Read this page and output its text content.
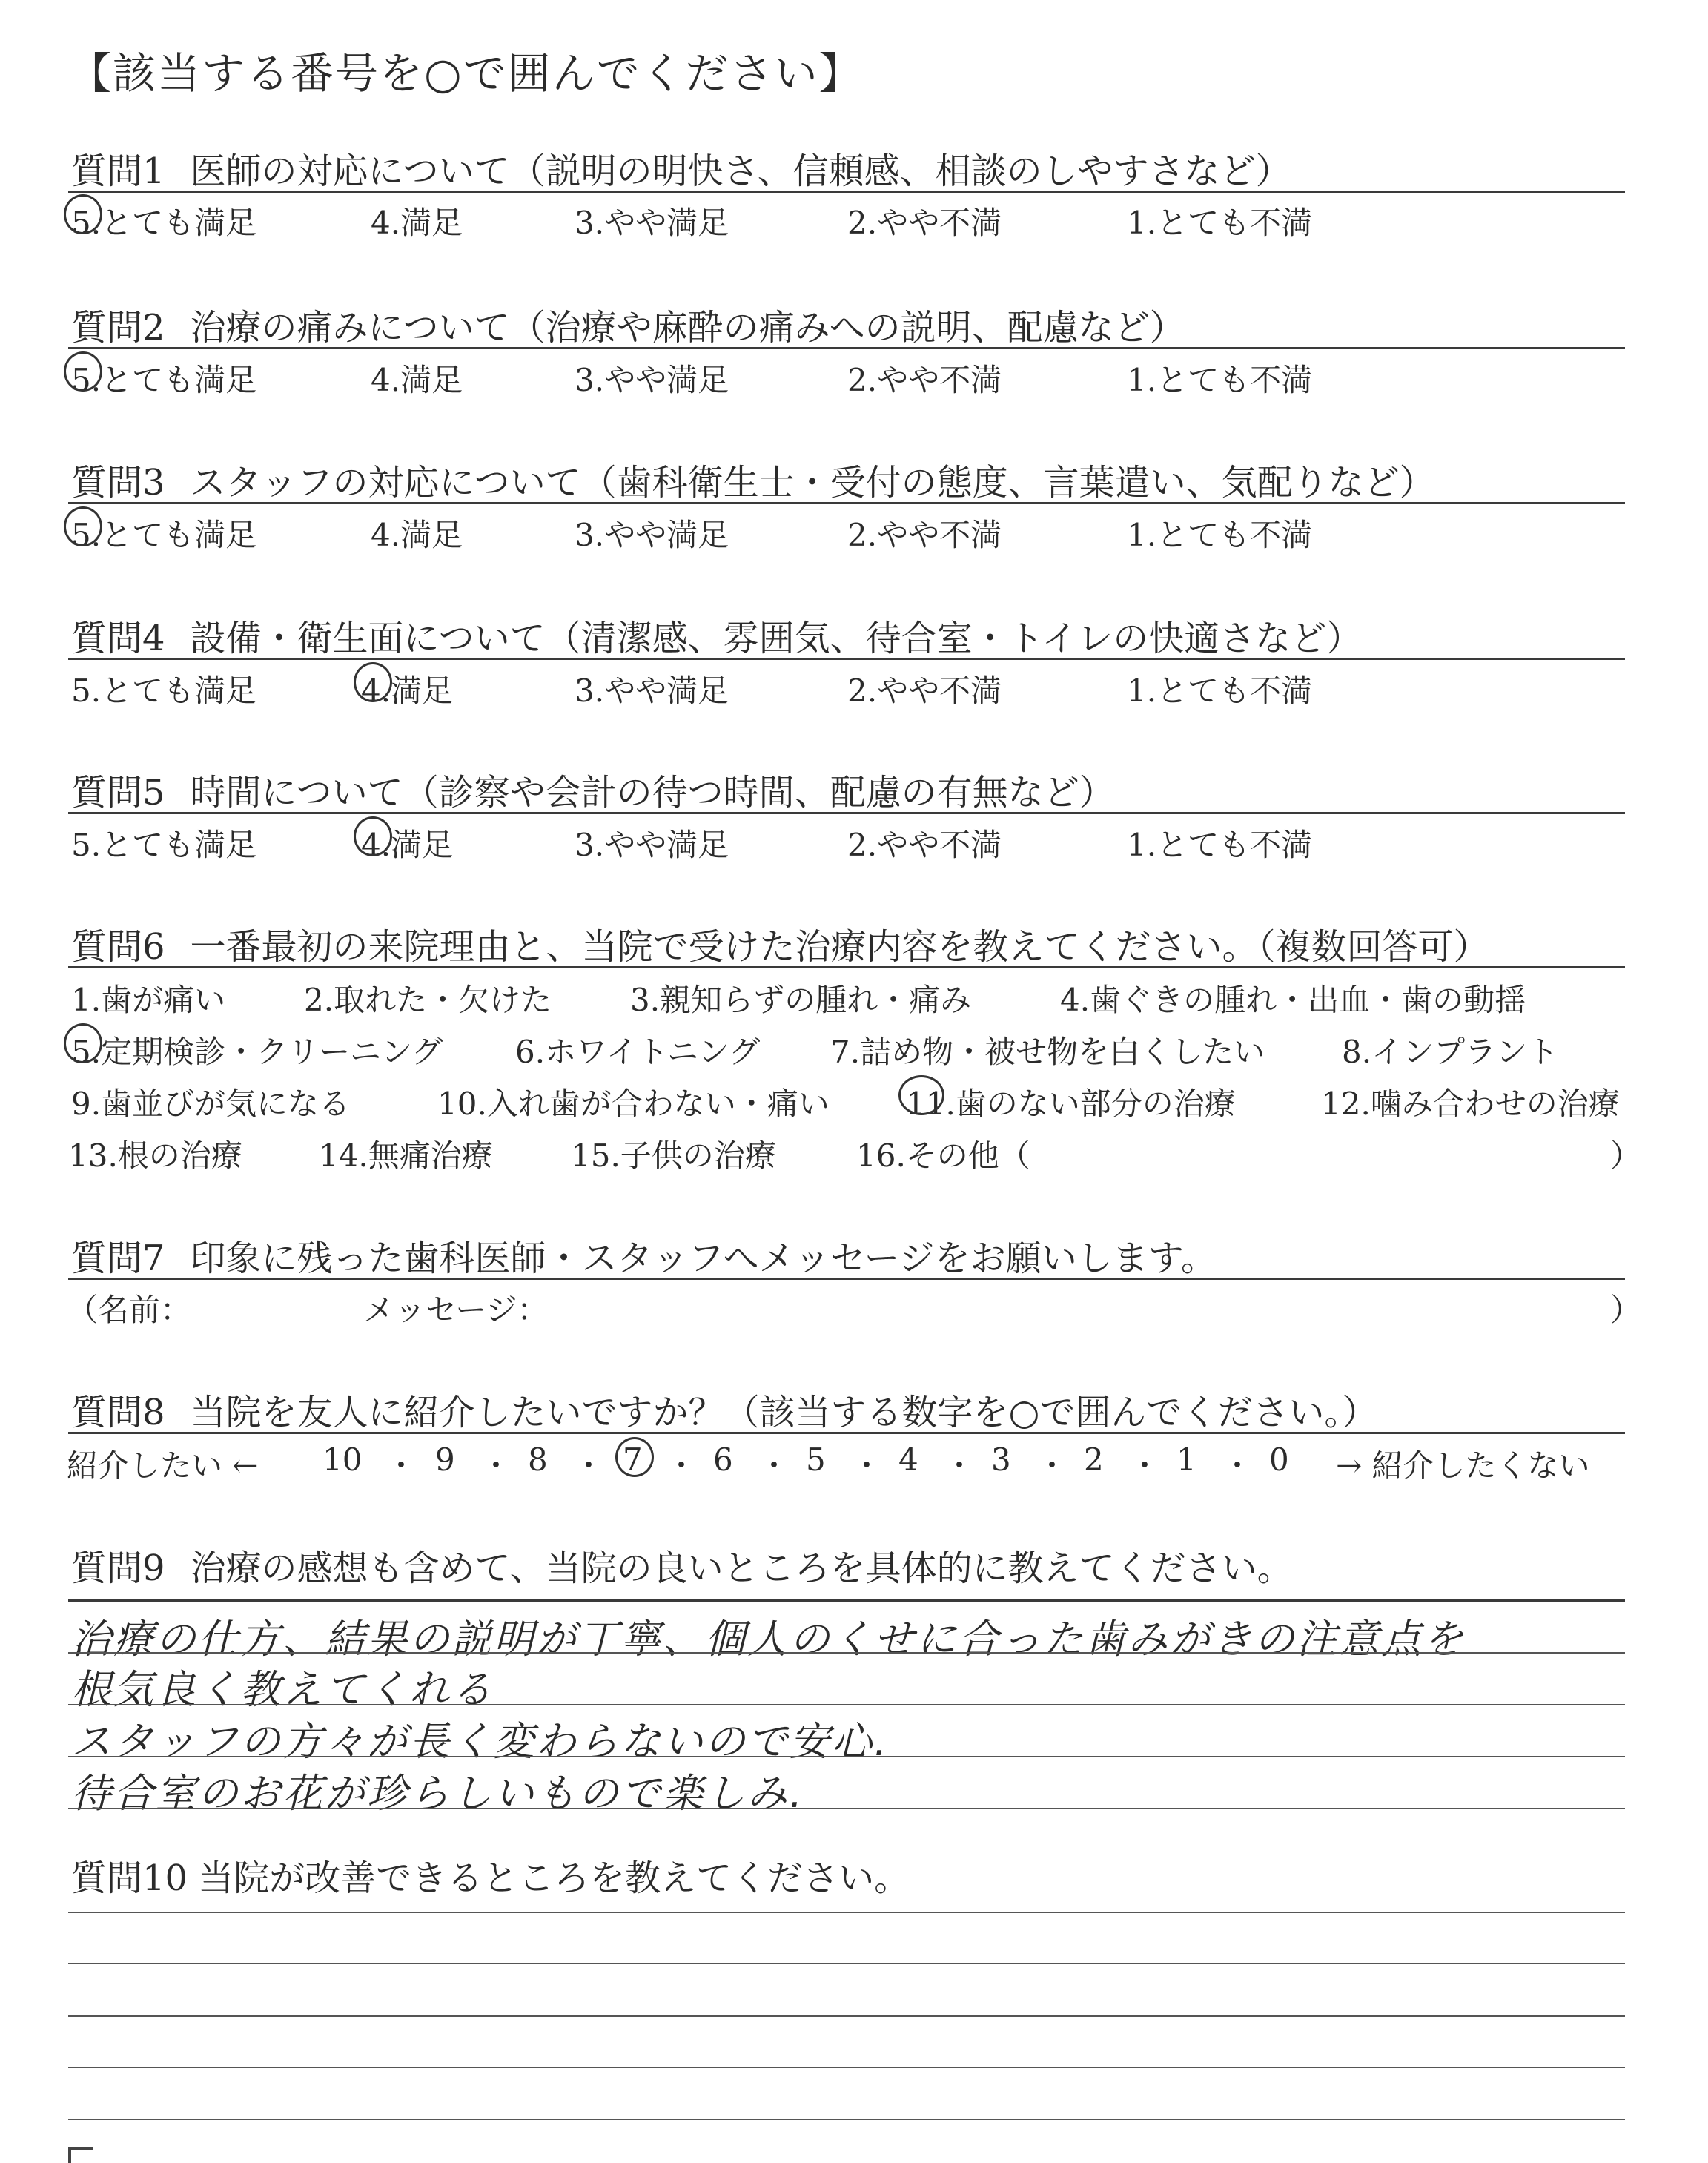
【該当する番号を○で囲んでください】
質問1 医師の対応について（説明の明快さ、信頼感、相談のしやすさなど）
5.とても満足	4.満足	3.やや満足	2.やや不満	1.とても不満
質問2 治療の痛みについて（治療や麻酔の痛みへの説明、配慮など）
5.とても満足	4.満足	3.やや満足	2.やや不満	1.とても不満
質問3 スタッフの対応について（歯科衛生士・受付の態度、言葉遣い、気配りなど）
5.とても満足	4.満足	3.やや満足	2.やや不満	1.とても不満
質問4 設備・衛生面について（清潔感、雰囲気、待合室・トイレの快適さなど）
5.とても満足	4.満足	3.やや満足	2.やや不満	1.とても不満
質問5 時間について（診察や会計の待つ時間、配慮の有無など）
5.とても満足	4.満足	3.やや満足	2.やや不満	1.とても不満
質問6 一番最初の来院理由と、当院で受けた治療内容を教えてください。（複数回答可）
1.歯が痛い	2.取れた・欠けた	3.親知らずの腫れ・痛み	4.歯ぐきの腫れ・出血・歯の動揺
5.定期検診・クリーニング 6.ホワイトニング 7.詰め物・被せ物を白くしたい 8.インプラント
9.歯並びが気になる	10.入れ歯が合わない・痛い 11.歯のない部分の治療	12.噛み合わせの治療
13.根の治療 14.無痛治療	15.子供の治療	16.その他（	）
質問7 印象に残った歯科医師・スタッフへメッセージをお願いします。
（名前：	メッセージ：	）
質問8 当院を友人に紹介したいですか？（該当する数字を○で囲んでください。）
紹介したい ← 10 ・ 9 ・ 8 ・ 7 ・ 6 ・ 5 ・ 4 ・ 3 ・ 2 ・ 1 ・ 0 → 紹介したくない
質問9 治療の感想も含めて、当院の良いところを具体的に教えてください。
治療の仕方、結果の説明が丁寧、個人のくせに合った歯みがきの注意点を
根気良く教えてくれる
スタッフの方々が長く変わらないので安心.
待合室のお花が珍らしいもので楽しみ.
質問10 当院が改善できるところを教えてください。
